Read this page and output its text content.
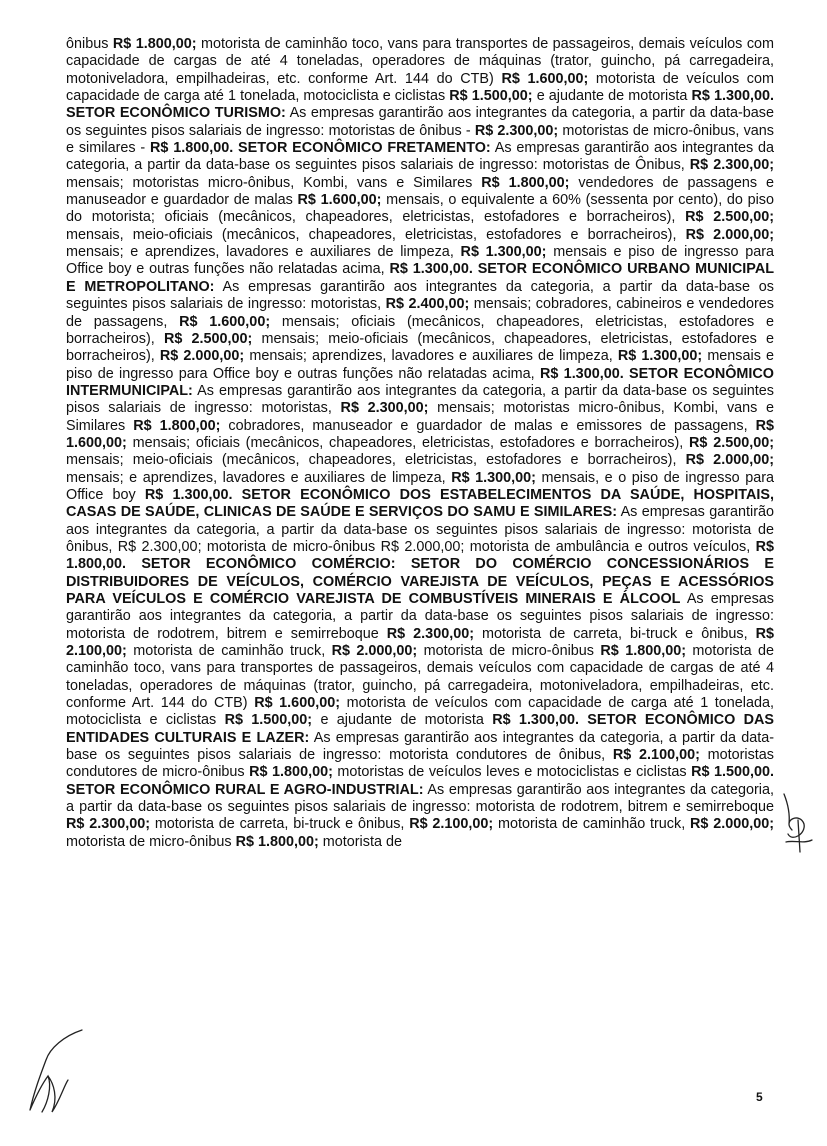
ônibus R$ 1.800,00; motorista de caminhão toco, vans para transportes de passageiros, demais veículos com capacidade de cargas de até 4 toneladas, operadores de máquinas (trator, guincho, pá carregadeira, motoniveladora, empilhadeiras, etc. conforme Art. 144 do CTB) R$ 1.600,00; motorista de veículos com capacidade de carga até 1 tonelada, motociclista e ciclistas R$ 1.500,00; e ajudante de motorista R$ 1.300,00. SETOR ECONÔMICO TURISMO: As empresas garantirão aos integrantes da categoria, a partir da data-base os seguintes pisos salariais de ingresso: motoristas de ônibus - R$ 2.300,00; motoristas de micro-ônibus, vans e similares - R$ 1.800,00. SETOR ECONÔMICO FRETAMENTO: As empresas garantirão aos integrantes da categoria, a partir da data-base os seguintes pisos salariais de ingresso: motoristas de Ônibus, R$ 2.300,00; mensais; motoristas micro-ônibus, Kombi, vans e Similares R$ 1.800,00; vendedores de passagens e manuseador e guardador de malas R$ 1.600,00; mensais, o equivalente a 60% (sessenta por cento), do piso do motorista; oficiais (mecânicos, chapeadores, eletricistas, estofadores e borracheiros), R$ 2.500,00; mensais, meio-oficiais (mecânicos, chapeadores, eletricistas, estofadores e borracheiros), R$ 2.000,00; mensais; e aprendizes, lavadores e auxiliares de limpeza, R$ 1.300,00; mensais e piso de ingresso para Office boy e outras funções não relatadas acima, R$ 1.300,00. SETOR ECONÔMICO URBANO MUNICIPAL E METROPOLITANO: As empresas garantirão aos integrantes da categoria, a partir da data-base os seguintes pisos salariais de ingresso: motoristas, R$ 2.400,00; mensais; cobradores, cabineiros e vendedores de passagens, R$ 1.600,00; mensais; oficiais (mecânicos, chapeadores, eletricistas, estofadores e borracheiros), R$ 2.500,00; mensais; meio-oficiais (mecânicos, chapeadores, eletricistas, estofadores e borracheiros), R$ 2.000,00; mensais; aprendizes, lavadores e auxiliares de limpeza, R$ 1.300,00; mensais e piso de ingresso para Office boy e outras funções não relatadas acima, R$ 1.300,00. SETOR ECONÔMICO INTERMUNICIPAL: As empresas garantirão aos integrantes da categoria, a partir da data-base os seguintes pisos salariais de ingresso: motoristas, R$ 2.300,00; mensais; motoristas micro-ônibus, Kombi, vans e Similares R$ 1.800,00; cobradores, manuseador e guardador de malas e emissores de passagens, R$ 1.600,00; mensais; oficiais (mecânicos, chapeadores, eletricistas, estofadores e borracheiros), R$ 2.500,00; mensais; meio-oficiais (mecânicos, chapeadores, eletricistas, estofadores e borracheiros), R$ 2.000,00; mensais; e aprendizes, lavadores e auxiliares de limpeza, R$ 1.300,00; mensais, e o piso de ingresso para Office boy R$ 1.300,00. SETOR ECONÔMICO DOS ESTABELECIMENTOS DA SAÚDE, HOSPITAIS, CASAS DE SAÚDE, CLINICAS DE SAÚDE E SERVIÇOS DO SAMU E SIMILARES: As empresas garantirão aos integrantes da categoria, a partir da data-base os seguintes pisos salariais de ingresso: motorista de ônibus, R$ 2.300,00; motorista de micro-ônibus R$ 2.000,00; motorista de ambulância e outros veículos, R$ 1.800,00. SETOR ECONÔMICO COMÉRCIO: SETOR DO COMÉRCIO CONCESSIONÁRIOS E DISTRIBUIDORES DE VEÍCULOS, COMÉRCIO VAREJISTA DE VEÍCULOS, PEÇAS E ACESSÓRIOS PARA VEÍCULOS E COMÉRCIO VAREJISTA DE COMBUSTÍVEIS MINERAIS E ÁLCOOL As empresas garantirão aos integrantes da categoria, a partir da data-base os seguintes pisos salariais de ingresso: motorista de rodotrem, bitrem e semirreboque R$ 2.300,00; motorista de carreta, bi-truck e ônibus, R$ 2.100,00; motorista de caminhão truck, R$ 2.000,00; motorista de micro-ônibus R$ 1.800,00; motorista de caminhão toco, vans para transportes de passageiros, demais veículos com capacidade de cargas de até 4 toneladas, operadores de máquinas (trator, guincho, pá carregadeira, motoniveladora, empilhadeiras, etc. conforme Art. 144 do CTB) R$ 1.600,00; motorista de veículos com capacidade de carga até 1 tonelada, motociclista e ciclistas R$ 1.500,00; e ajudante de motorista R$ 1.300,00. SETOR ECONÔMICO DAS ENTIDADES CULTURAIS E LAZER: As empresas garantirão aos integrantes da categoria, a partir da data-base os seguintes pisos salariais de ingresso: motorista condutores de ônibus, R$ 2.100,00; motoristas condutores de micro-ônibus R$ 1.800,00; motoristas de veículos leves e motociclistas e ciclistas R$ 1.500,00. SETOR ECONÔMICO RURAL E AGRO-INDUSTRIAL: As empresas garantirão aos integrantes da categoria, a partir da data-base os seguintes pisos salariais de ingresso: motorista de rodotrem, bitrem e semirreboque R$ 2.300,00; motorista de carreta, bi-truck e ônibus, R$ 2.100,00; motorista de caminhão truck, R$ 2.000,00; motorista de micro-ônibus R$ 1.800,00; motorista de
5
